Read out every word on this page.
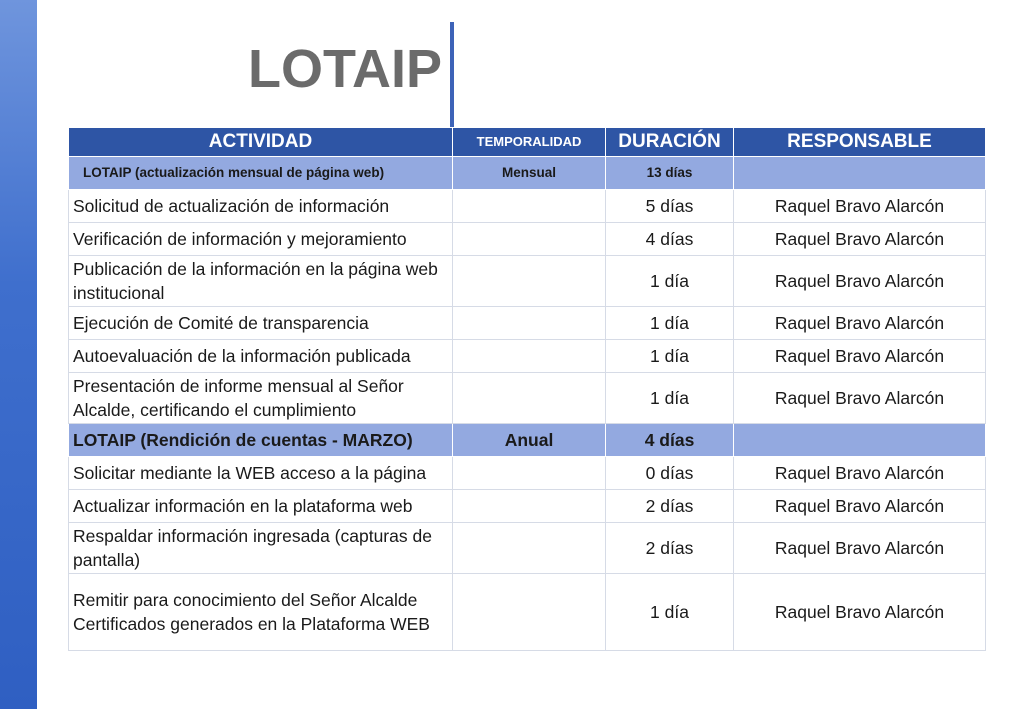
LOTAIP
ACTIVIDAD	TEMPORALIDAD	DURACIÓN	RESPONSABLE
LOTAIP (actualización mensual de página web)	Mensual	13 días	
Solicitud de actualización de información		5 días	Raquel Bravo Alarcón
Verificación de información y mejoramiento		4 días	Raquel Bravo Alarcón
Publicación de la información en la página web institucional		1 día	Raquel Bravo Alarcón
Ejecución de Comité de transparencia		1 día	Raquel Bravo Alarcón
Autoevaluación de la información publicada		1 día	Raquel Bravo Alarcón
Presentación de informe mensual al Señor Alcalde, certificando el cumplimiento		1 día	Raquel Bravo Alarcón
LOTAIP (Rendición de cuentas - MARZO)	Anual	4 días	
Solicitar mediante la WEB acceso a la página		0 días	Raquel Bravo Alarcón
Actualizar información en la plataforma web		2 días	Raquel Bravo Alarcón
Respaldar información ingresada (capturas de pantalla)		2 días	Raquel Bravo Alarcón
Remitir para conocimiento del Señor Alcalde Certificados generados en la Plataforma WEB		1 día	Raquel Bravo Alarcón
